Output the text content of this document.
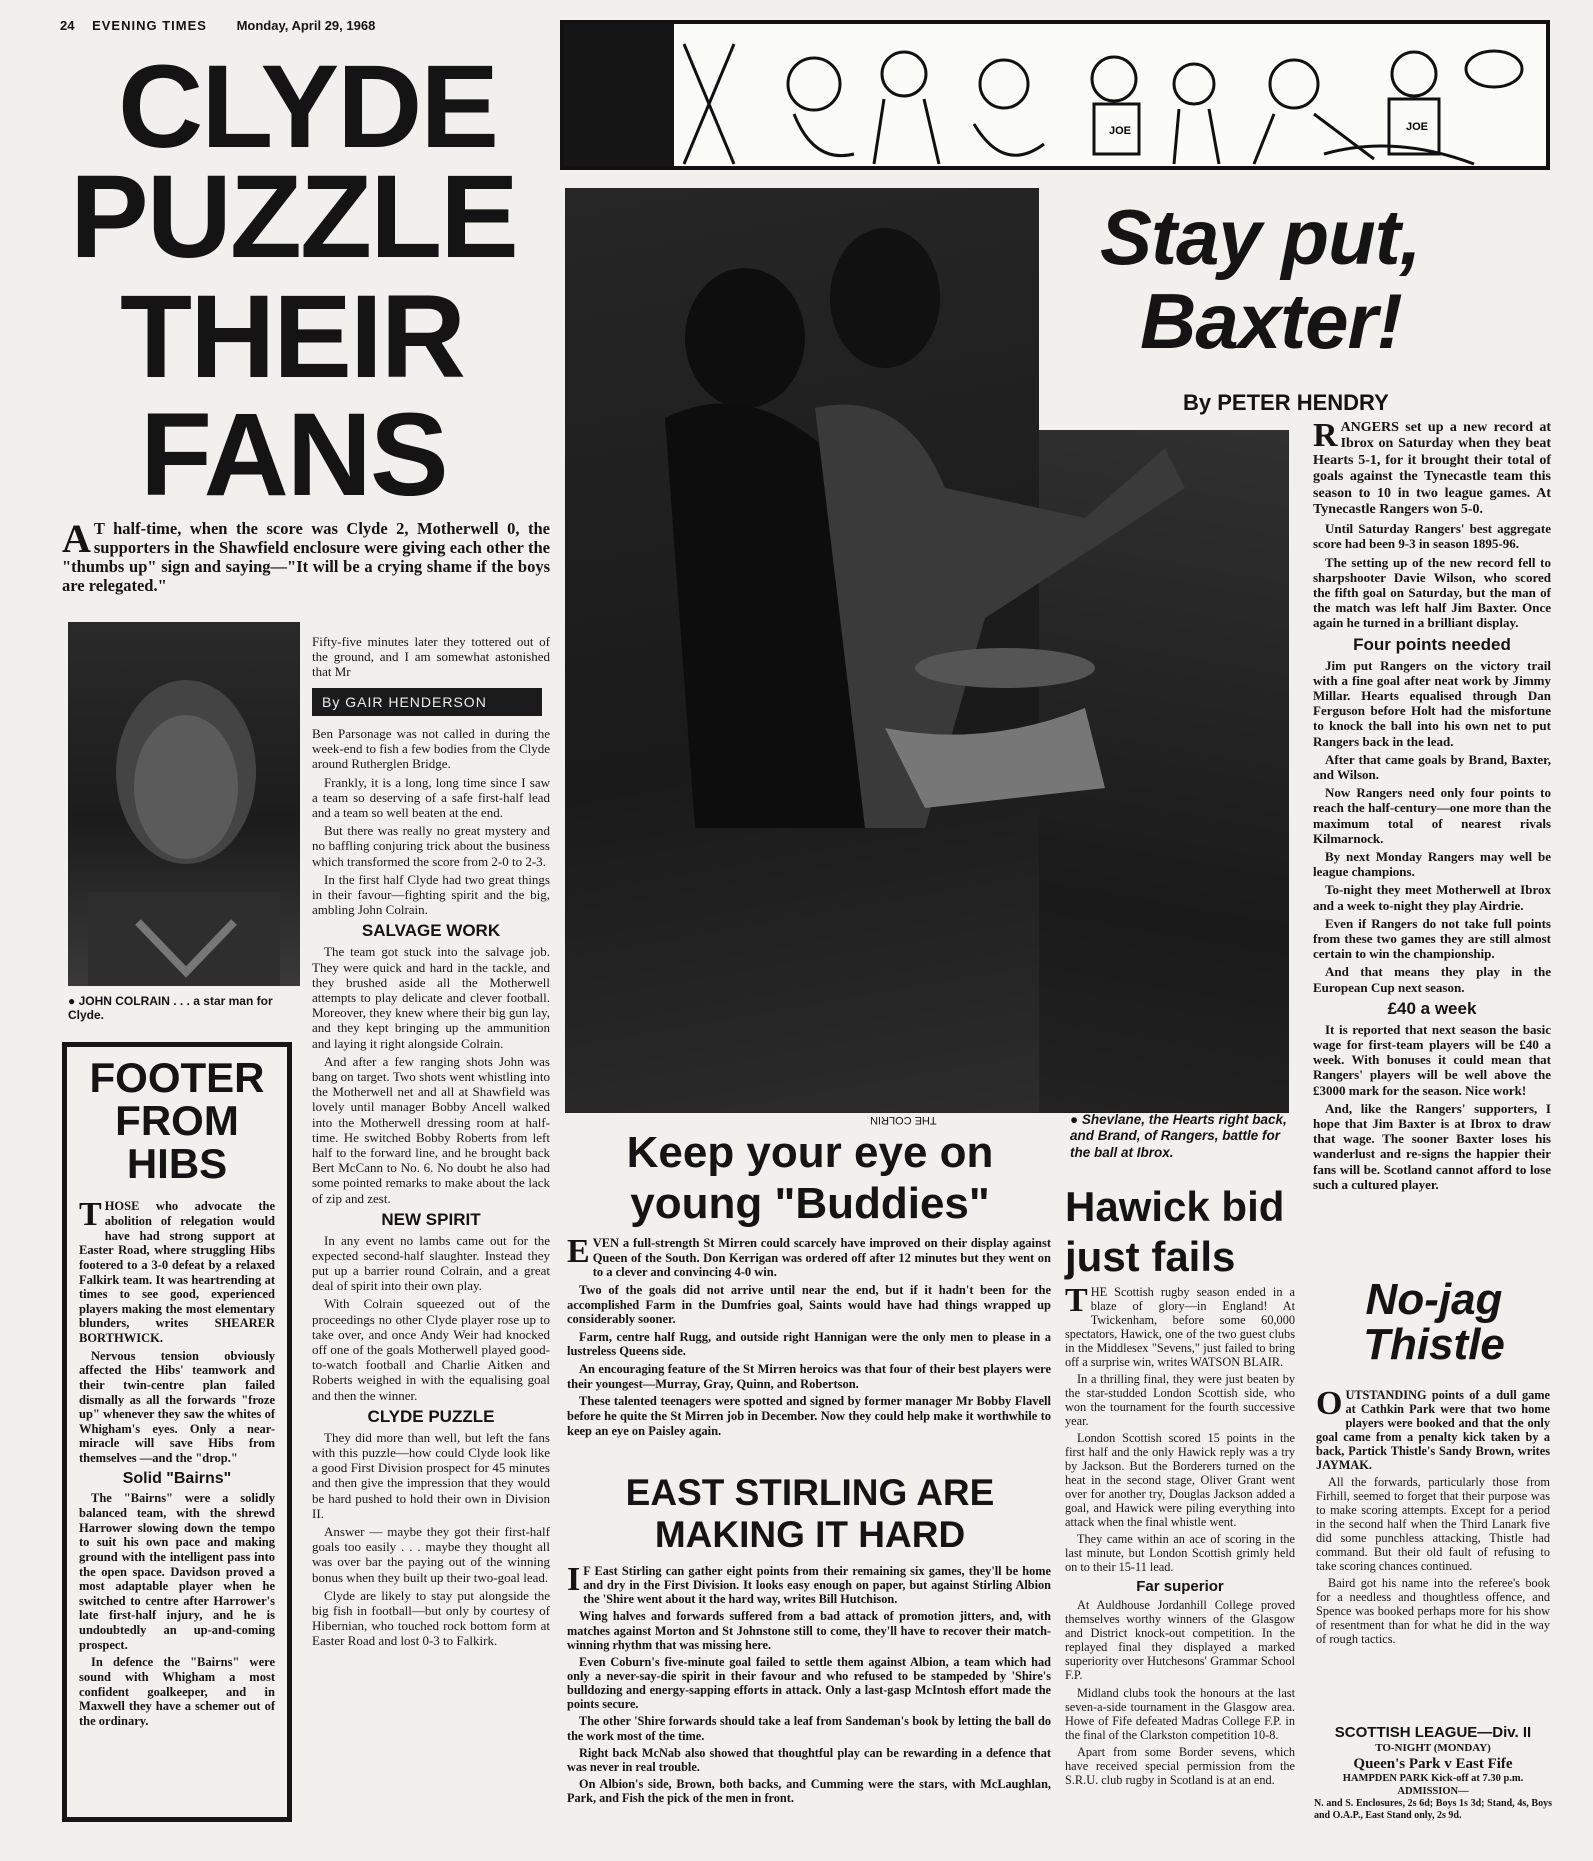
24 EVENING TIMES Monday, April 29, 1968
CLYDE
PUZZLE
THEIR
FANS
A T half-time, when the score was Clyde 2, Motherwell 0, the supporters in the Shawfield enclosure were giving each other the "thumbs up" sign and saying—"It will be a crying shame if the boys are relegated."
● JOHN COLRAIN . . . a star man for Clyde.

Fifty-five minutes later they tottered out of the ground, and I am somewhat astonished that Mr

By GAIR HENDERSON

Ben Parsonage was not called in during the week-end to fish a few bodies from the Clyde around Rutherglen Bridge.

Frankly, it is a long, long time since I saw a team so deserving of a safe first-half lead and a team so well beaten at the end.

But there was really no great mystery and no baffling conjuring trick about the business which transformed the score from 2-0 to 2-3.

In the first half Clyde had two great things in their favour—fighting spirit and the big, ambling John Colrain.

SALVAGE WORK

The team got stuck into the salvage job. They were quick and hard in the tackle, and they brushed aside all the Motherwell attempts to play delicate and clever football. Moreover, they knew where their big gun lay, and they kept bringing up the ammunition and laying it right alongside Colrain.

And after a few ranging shots John was bang on target. Two shots went whistling into the Motherwell net and all at Shawfield was lovely until manager Bobby Ancell walked into the Motherwell dressing room at half-time. He switched Bobby Roberts from left half to the forward line, and he brought back Bert McCann to No. 6. No doubt he also had some pointed remarks to make about the lack of zip and zest.

NEW SPIRIT

In any event no lambs came out for the expected second-half slaughter. Instead they put up a barrier round Colrain, and a great deal of spirit into their own play.

With Colrain squeezed out of the proceedings no other Clyde player rose up to take over, and once Andy Weir had knocked off one of the goals Motherwell played good-to-watch football and Charlie Aitken and Roberts weighed in with the equalising goal and then the winner.

CLYDE PUZZLE

They did more than well, but left the fans with this puzzle—how could Clyde look like a good First Division prospect for 45 minutes and then give the impression that they would be hard pushed to hold their own in Division II.

Answer — maybe they got their first-half goals too easily . . . maybe they thought all was over bar the paying out of the winning bonus when they built up their two-goal lead.

Clyde are likely to stay put alongside the big fish in football—but only by courtesy of Hibernian, who touched rock bottom form at Easter Road and lost 0-3 to Falkirk.

FOOTER
FROM
HIBS

THOSE who advocate the abolition of relegation would have had strong support at Easter Road, where struggling Hibs footered to a 3-0 defeat by a relaxed Falkirk team. It was heartrending at times to see good, experienced players making the most elementary blunders, writes SHEARER BORTHWICK.

Nervous tension obviously affected the Hibs' teamwork and their twin-centre plan failed dismally as all the forwards "froze up" whenever they saw the whites of Whigham's eyes. Only a near-miracle will save Hibs from themselves —and the "drop."

Solid "Bairns"

The "Bairns" were a solidly balanced team, with the shrewd Harrower slowing down the tempo to suit his own pace and making ground with the intelligent pass into the open space. Davidson proved a most adaptable player when he switched to centre after Harrower's late first-half injury, and he is undoubtedly an up-and-coming prospect.

In defence the "Bairns" were sound with Whigham a most confident goalkeeper, and in Maxwell they have a schemer out of the ordinary.

JOE	JOE
THE COLRIN	● Shevlane, the Hearts right back, and Brand, of Rangers, battle for the ball at Ibrox.
Stay put,
Baxter!
By PETER HENDRY

RANGERS set up a new record at Ibrox on Saturday when they beat Hearts 5-1, for it brought their total of goals against the Tynecastle team this season to 10 in two league games. At Tynecastle Rangers won 5-0.

Until Saturday Rangers' best aggregate score had been 9-3 in season 1895-96.

The setting up of the new record fell to sharpshooter Davie Wilson, who scored the fifth goal on Saturday, but the man of the match was left half Jim Baxter. Once again he turned in a brilliant display.

Four points needed

Jim put Rangers on the victory trail with a fine goal after neat work by Jimmy Millar. Hearts equalised through Dan Ferguson before Holt had the misfortune to knock the ball into his own net to put Rangers back in the lead.

After that came goals by Brand, Baxter, and Wilson.

Now Rangers need only four points to reach the half-century—one more than the maximum total of nearest rivals Kilmarnock.

By next Monday Rangers may well be league champions.

To-night they meet Motherwell at Ibrox and a week to-night they play Airdrie.

Even if Rangers do not take full points from these two games they are still almost certain to win the championship.

And that means they play in the European Cup next season.

£40 a week

It is reported that next season the basic wage for first-team players will be £40 a week. With bonuses it could mean that Rangers' players will be well above the £3000 mark for the season. Nice work!

And, like the Rangers' supporters, I hope that Jim Baxter is at Ibrox to draw that wage. The sooner Baxter loses his wanderlust and re-signs the happier their fans will be. Scotland cannot afford to lose such a cultured player.

Keep your eye on
young "Buddies"

EVEN a full-strength St Mirren could scarcely have improved on their display against Queen of the South. Don Kerrigan was ordered off after 12 minutes but they went on to a clever and convincing 4-0 win.

Two of the goals did not arrive until near the end, but if it hadn't been for the accomplished Farm in the Dumfries goal, Saints would have had things wrapped up considerably sooner.

Farm, centre half Rugg, and outside right Hannigan were the only men to please in a lustreless Queens side.

An encouraging feature of the St Mirren heroics was that four of their best players were their youngest—Murray, Gray, Quinn, and Robertson.

These talented teenagers were spotted and signed by former manager Mr Bobby Flavell before he quite the St Mirren job in December. Now they could help make it worthwhile to keep an eye on Paisley again.

EAST STIRLING ARE
MAKING IT HARD

I F East Stirling can gather eight points from their remaining six games, they'll be home and dry in the First Division. It looks easy enough on paper, but against Stirling Albion the 'Shire went about it the hard way, writes Bill Hutchison.

Wing halves and forwards suffered from a bad attack of promotion jitters, and, with matches against Morton and St Johnstone still to come, they'll have to recover their match-winning rhythm that was missing here.

Even Coburn's five-minute goal failed to settle them against Albion, a team which had only a never-say-die spirit in their favour and who refused to be stampeded by 'Shire's bulldozing and energy-sapping efforts in attack. Only a last-gasp McIntosh effort made the points secure.

The other 'Shire forwards should take a leaf from Sandeman's book by letting the ball do the work most of the time.

Right back McNab also showed that thoughtful play can be rewarding in a defence that was never in real trouble.

On Albion's side, Brown, both backs, and Cumming were the stars, with McLaughlan, Park, and Fish the pick of the men in front.

Hawick bid
just fails

THE Scottish rugby season ended in a blaze of glory—in England! At Twickenham, before some 60,000 spectators, Hawick, one of the two guest clubs in the Middlesex "Sevens," just failed to bring off a surprise win, writes WATSON BLAIR.

In a thrilling final, they were just beaten by the star-studded London Scottish side, who won the tournament for the fourth successive year.

London Scottish scored 15 points in the first half and the only Hawick reply was a try by Jackson. But the Borderers turned on the heat in the second stage, Oliver Grant went over for another try, Douglas Jackson added a goal, and Hawick were piling everything into attack when the final whistle went.

They came within an ace of scoring in the last minute, but London Scottish grimly held on to their 15-11 lead.

Far superior

At Auldhouse Jordanhill College proved themselves worthy winners of the Glasgow and District knock-out competition. In the replayed final they displayed a marked superiority over Hutchesons' Grammar School F.P.

Midland clubs took the honours at the last seven-a-side tournament in the Glasgow area. Howe of Fife defeated Madras College F.P. in the final of the Clarkston competition 10-8.

Apart from some Border sevens, which have received special permission from the S.R.U. club rugby in Scotland is at an end.

No-jag
Thistle

OUTSTANDING points of a dull game at Cathkin Park were that two home players were booked and that the only goal came from a penalty kick taken by a back, Partick Thistle's Sandy Brown, writes JAYMAK.

All the forwards, particularly those from Firhill, seemed to forget that their purpose was to make scoring attempts. Except for a period in the second half when the Third Lanark five did some punchless attacking, Thistle had command. But their old fault of refusing to take scoring chances continued.

Baird got his name into the referee's book for a needless and thoughtless offence, and Spence was booked perhaps more for his show of resentment than for what he did in the way of rough tactics.

SCOTTISH LEAGUE—Div. II
TO-NIGHT (MONDAY)
Queen's Park v East Fife
HAMPDEN PARK Kick-off at 7.30 p.m.
ADMISSION—
N. and S. Enclosures, 2s 6d; Boys 1s 3d; Stand, 4s, Boys and O.A.P., East Stand only, 2s 9d.
